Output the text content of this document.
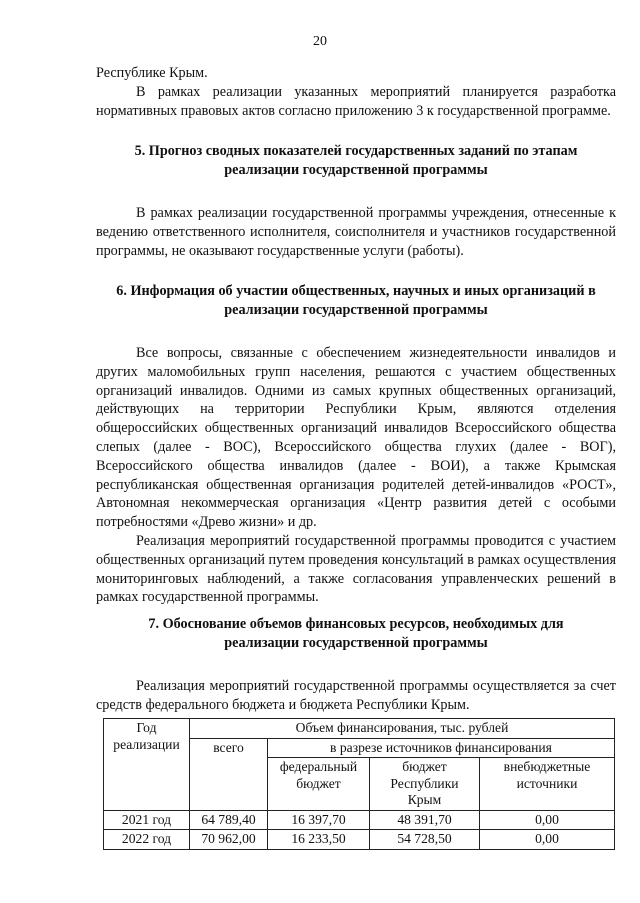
20

Республике Крым.

В рамках реализации указанных мероприятий планируется разработка нормативных правовых актов согласно приложению 3 к государственной программе.

5. Прогноз сводных показателей государственных заданий по этапам
реализации государственной программы

В рамках реализации государственной программы учреждения, отнесенные к ведению ответственного исполнителя, соисполнителя и участников государственной программы, не оказывают государственные услуги (работы).

6. Информация об участии общественных, научных и иных организаций в
реализации государственной программы

Все вопросы, связанные с обеспечением жизнедеятельности инвалидов и других маломобильных групп населения, решаются с участием общественных организаций инвалидов. Одними из самых крупных общественных организаций, действующих на территории Республики Крым, являются отделения общероссийских общественных организаций инвалидов Всероссийского общества слепых (далее - ВОС), Всероссийского общества глухих (далее - ВОГ), Всероссийского общества инвалидов (далее - ВОИ), а также Крымская республиканская общественная организация родителей детей-инвалидов «РОСТ», Автономная некоммерческая организация «Центр развития детей с особыми потребностями «Древо жизни» и др.

Реализация мероприятий государственной программы проводится с участием общественных организаций путем проведения консультаций в рамках осуществления мониторинговых наблюдений, а также согласования управленческих решений в рамках государственной программы.

7. Обоснование объемов финансовых ресурсов, необходимых для
реализации государственной программы

Реализация мероприятий государственной программы осуществляется за счет средств федерального бюджета и бюджета Республики Крым.

Год реализации	Объем финансирования, тыс. рублей			
	всего	в разрезе источников финансирования		
		федеральный бюджет	бюджет Республики Крым	внебюджетные источники
2021 год	64 789,40	16 397,70	48 391,70	0,00
2022 год	70 962,00	16 233,50	54 728,50	0,00
